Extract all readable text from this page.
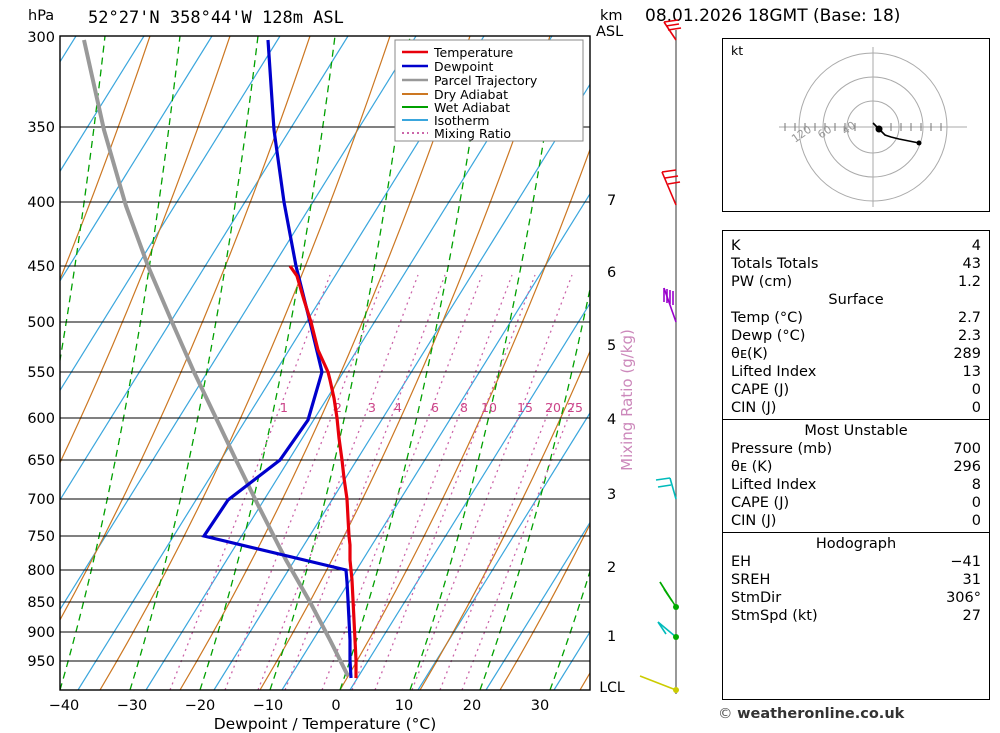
52°27'N 358°44'W 128m ASL	08.01.2026 18GMT (Base: 18)
hPa	km
ASL
300
350
400
450
500
550
600
650
700
750
800
850
900
950
−40	−30	−20	−10	0	10	20	30
Dewpoint / Temperature (°C)
7
6
5
4
3
2
1
Mixing Ratio (g/kg)
1	2 3 4 6 8 10 15 20 25
LCL
Temperature
Dewpoint
Parcel Trajectory
Dry Adiabat
Wet Adiabat
Isotherm
Mixing Ratio
kt
120 60 40
K	4
Totals Totals	43
PW (cm)	1.2
Surface
Temp (°C)	2.7
Dewp (°C)	2.3
θᴇ(K)	289
Lifted Index	13
CAPE (J)	0
CIN (J)	0
Most Unstable
Pressure (mb)	700
θᴇ (K)	296
Lifted Index	8
CAPE (J)	0
CIN (J)	0
Hodograph
EH	−41
SREH	31
StmDir	306°
StmSpd (kt)	27
© weatheronline.co.uk
